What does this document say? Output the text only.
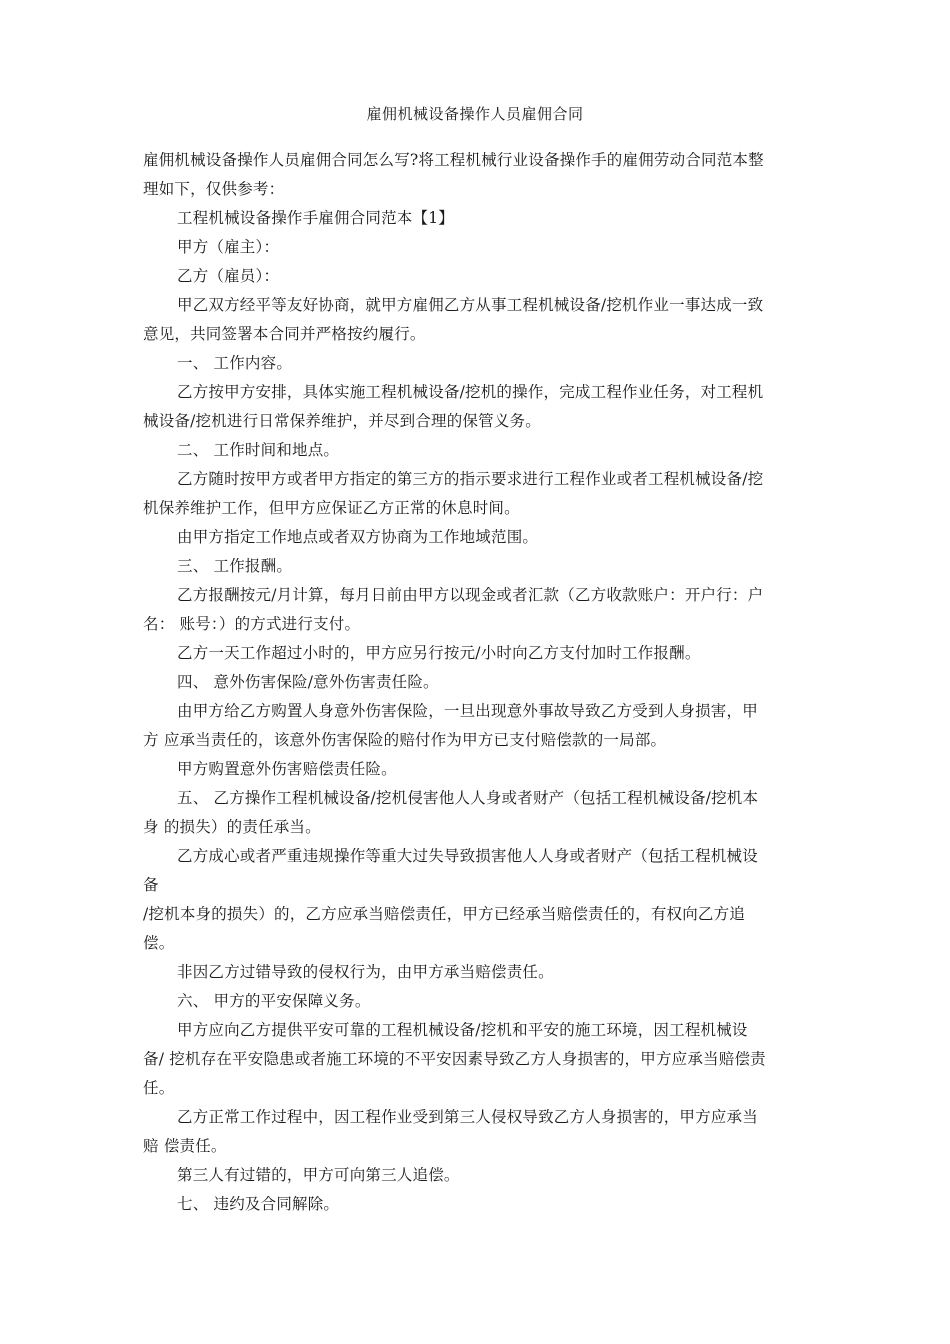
雇佣机械设备操作人员雇佣合同

雇佣机械设备操作人员雇佣合同怎么写?将工程机械行业设备操作手的雇佣劳动合同范本整

理如下，仅供参考：

工程机械设备操作手雇佣合同范本【1】

甲方（雇主）：

乙方（雇员）：

甲乙双方经平等友好协商，就甲方雇佣乙方从事工程机械设备/挖机作业一事达成一致

意见，共同签署本合同并严格按约履行。

一、 工作内容。

乙方按甲方安排，具体实施工程机械设备/挖机的操作，完成工程作业任务，对工程机

械设备/挖机进行日常保养维护，并尽到合理的保管义务。

二、 工作时间和地点。

乙方随时按甲方或者甲方指定的第三方的指示要求进行工程作业或者工程机械设备/挖

机保养维护工作，但甲方应保证乙方正常的休息时间。

由甲方指定工作地点或者双方协商为工作地域范围。

三、 工作报酬。

乙方报酬按元/月计算，每月日前由甲方以现金或者汇款（乙方收款账户：开户行：户

名： 账号：）的方式进行支付。

乙方一天工作超过小时的，甲方应另行按元/小时向乙方支付加时工作报酬。

四、 意外伤害保险/意外伤害责任险。

由甲方给乙方购置人身意外伤害保险，一旦出现意外事故导致乙方受到人身损害，甲

方 应承当责任的，该意外伤害保险的赔付作为甲方已支付赔偿款的一局部。

甲方购置意外伤害赔偿责任险。

五、 乙方操作工程机械设备/挖机侵害他人人身或者财产（包括工程机械设备/挖机本

身 的损失）的责任承当。

乙方成心或者严重违规操作等重大过失导致损害他人人身或者财产（包括工程机械设

备

/挖机本身的损失）的，乙方应承当赔偿责任，甲方已经承当赔偿责任的，有权向乙方追

偿。

非因乙方过错导致的侵权行为，由甲方承当赔偿责任。

六、 甲方的平安保障义务。

甲方应向乙方提供平安可靠的工程机械设备/挖机和平安的施工环境，因工程机械设

备/ 挖机存在平安隐患或者施工环境的不平安因素导致乙方人身损害的，甲方应承当赔偿责

任。

乙方正常工作过程中，因工程作业受到第三人侵权导致乙方人身损害的，甲方应承当

赔 偿责任。

第三人有过错的，甲方可向第三人追偿。

七、 违约及合同解除。
